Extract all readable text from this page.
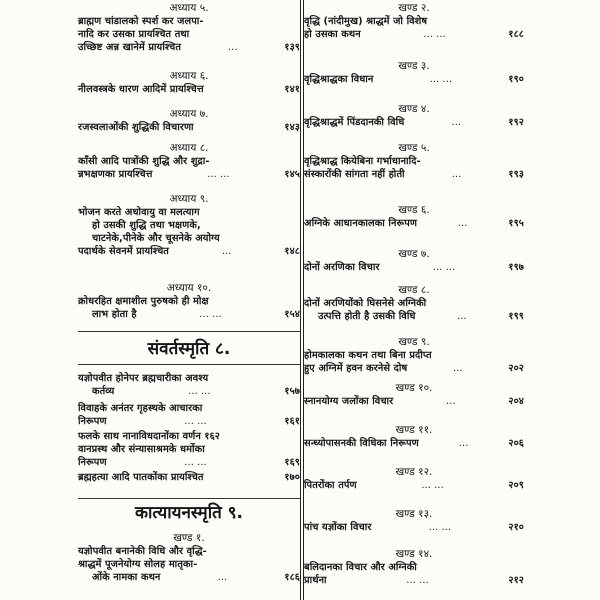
अध्याय ५.
ब्राह्मण चांडालको स्पर्श कर जलपा-
नादि कर उसका प्रायश्चित तथा
उच्छिष्ट अन्न खानेमें प्रायश्चित	...	१३९
अध्याय ६.
नीलवस्त्रके धारण आदिमें प्रायश्चित्त	१४१
अध्याय ७.
रजस्वलाओंकी शुद्धिकी विचारणा	१४३
अध्याय ८.
काँसी आदि पात्रोंकी शुद्धि और शुद्रा-
न्नभक्षणका प्रायश्चित्त	... ...	१४५
अध्याय ९.
भोजन करते अधोवायु वा मलत्याग
हो उसकी शुद्धि तथा भक्षणके,
चाटनेके,पीनेके और चूसनेके अयोग्य
पदार्थके सेवनमें प्रायश्चित	...	१४८
अध्याय १०.
क्रोधरहित क्षमाशील पुरुषको ही मोक्ष
लाभ होता है	... ...	१५४
संवर्तस्मृति ८.
यज्ञोपवीत होनेपर ब्रह्मचारीका अवश्य
कर्तव्य	... ...	१५७
विवाहके अनंतर गृहस्थके आचारका
निरूपण	... ...	१६१
फलके साथ नानाविधदानोंका वर्णन १६२
वानप्रस्थ और संन्यासाश्रमके धर्मोका
निरूपण	... ...	१६९
ब्रह्महत्या आदि पातकोंका प्रायश्चित	१७०
कात्यायनस्मृति ९.
खण्ड १.
यज्ञोपवीत बनानेकी विधि और वृद्धि-
श्राद्धमें पूजनेयोग्य सोलह मातृका-
ओंके नामका कथन	...	१८६
खण्ड २.
वृद्धि (नांदीमुख) श्राद्धमें जो विशेष
हो उसका कथन	... ...	१८८
खण्ड ३.
वृद्धिश्राद्धका विधान	... ...	१९०
खण्ड ४.
वृद्धिश्राद्धमें पिंडदानकी विधि	...	१९२
खण्ड ५.
वृद्धिश्राद्ध कियेबिना गर्भाधानादि-
संस्कारोंकी सांगता नहीं होती	...	१९३
खण्ड ६.
अग्निके आधानकालका निरूपण	...	१९५
खण्ड ७.
दोनों अरणिका विचार	... ...	१९७
खण्ड ८.
दोनों अरणियोंको घिसनेसे अग्निकी
उत्पत्ति होती है उसकी विधि	...	१९९
खण्ड ९.
होमकालका कथन तथा बिना प्रदीप्त
हुए अग्निमें हवन करनेसे दोष	...	२०२
खण्ड १०.
स्नानयोग्य जलोंका विचार	...	२०४
खण्ड ११.
सन्ध्योपासनकी विधिका निरूपण	...	२०६
खण्ड १२.
पितरोंका तर्पण	... ...	२०९
खण्ड १३.
पांच यज्ञोंका विचार	... ...	२१०
खण्ड १४.
बलिदानका विचार और अग्निकी
प्रार्थना	... ...	२१२
